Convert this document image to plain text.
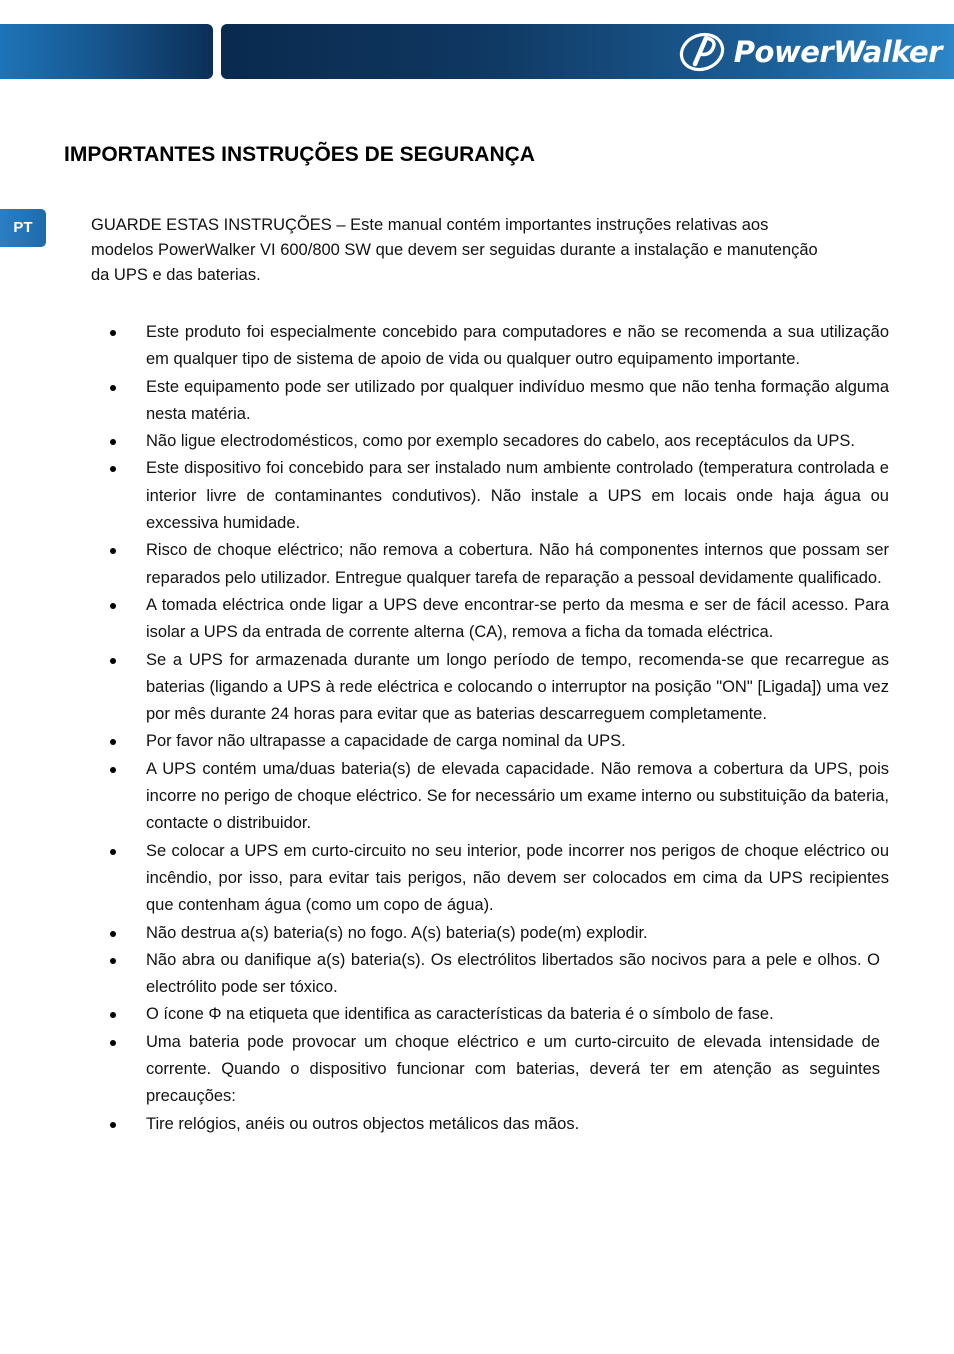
PowerWalker
IMPORTANTES INSTRUÇÕES DE SEGURANÇA
PT	GUARDE ESTAS INSTRUÇÕES – Este manual contém importantes instruções relativas aos modelos PowerWalker VI 600/800 SW que devem ser seguidas durante a instalação e manutenção da UPS e das baterias.

Este produto foi especialmente concebido para computadores e não se recomenda a sua utilização em qualquer tipo de sistema de apoio de vida ou qualquer outro equipamento importante.
Este equipamento pode ser utilizado por qualquer indivíduo mesmo que não tenha formação alguma nesta matéria.
Não ligue electrodomésticos, como por exemplo secadores do cabelo, aos receptáculos da UPS.
Este dispositivo foi concebido para ser instalado num ambiente controlado (temperatura controlada e interior livre de contaminantes condutivos). Não instale a UPS em locais onde haja água ou excessiva humidade.
Risco de choque eléctrico; não remova a cobertura. Não há componentes internos que possam ser reparados pelo utilizador. Entregue qualquer tarefa de reparação a pessoal devidamente qualificado.
A tomada eléctrica onde ligar a UPS deve encontrar-se perto da mesma e ser de fácil acesso. Para isolar a UPS da entrada de corrente alterna (CA), remova a ficha da tomada eléctrica.
Se a UPS for armazenada durante um longo período de tempo, recomenda-se que recarregue as baterias (ligando a UPS à rede eléctrica e colocando o interruptor na posição "ON" [Ligada]) uma vez por mês durante 24 horas para evitar que as baterias descarreguem completamente.
Por favor não ultrapasse a capacidade de carga nominal da UPS.
A UPS contém uma/duas bateria(s) de elevada capacidade. Não remova a cobertura da UPS, pois incorre no perigo de choque eléctrico. Se for necessário um exame interno ou substituição da bateria, contacte o distribuidor.
Se colocar a UPS em curto-circuito no seu interior, pode incorrer nos perigos de choque eléctrico ou incêndio, por isso, para evitar tais perigos, não devem ser colocados em cima da UPS recipientes que contenham água (como um copo de água).
Não destrua a(s) bateria(s) no fogo. A(s) bateria(s) pode(m) explodir.
Não abra ou danifique a(s) bateria(s). Os electrólitos libertados são nocivos para a pele e olhos. O electrólito pode ser tóxico.
O ícone Φ na etiqueta que identifica as características da bateria é o símbolo de fase.
Uma bateria pode provocar um choque eléctrico e um curto-circuito de elevada intensidade de corrente. Quando o dispositivo funcionar com baterias, deverá ter em atenção as seguintes precauções:
Tire relógios, anéis ou outros objectos metálicos das mãos.
